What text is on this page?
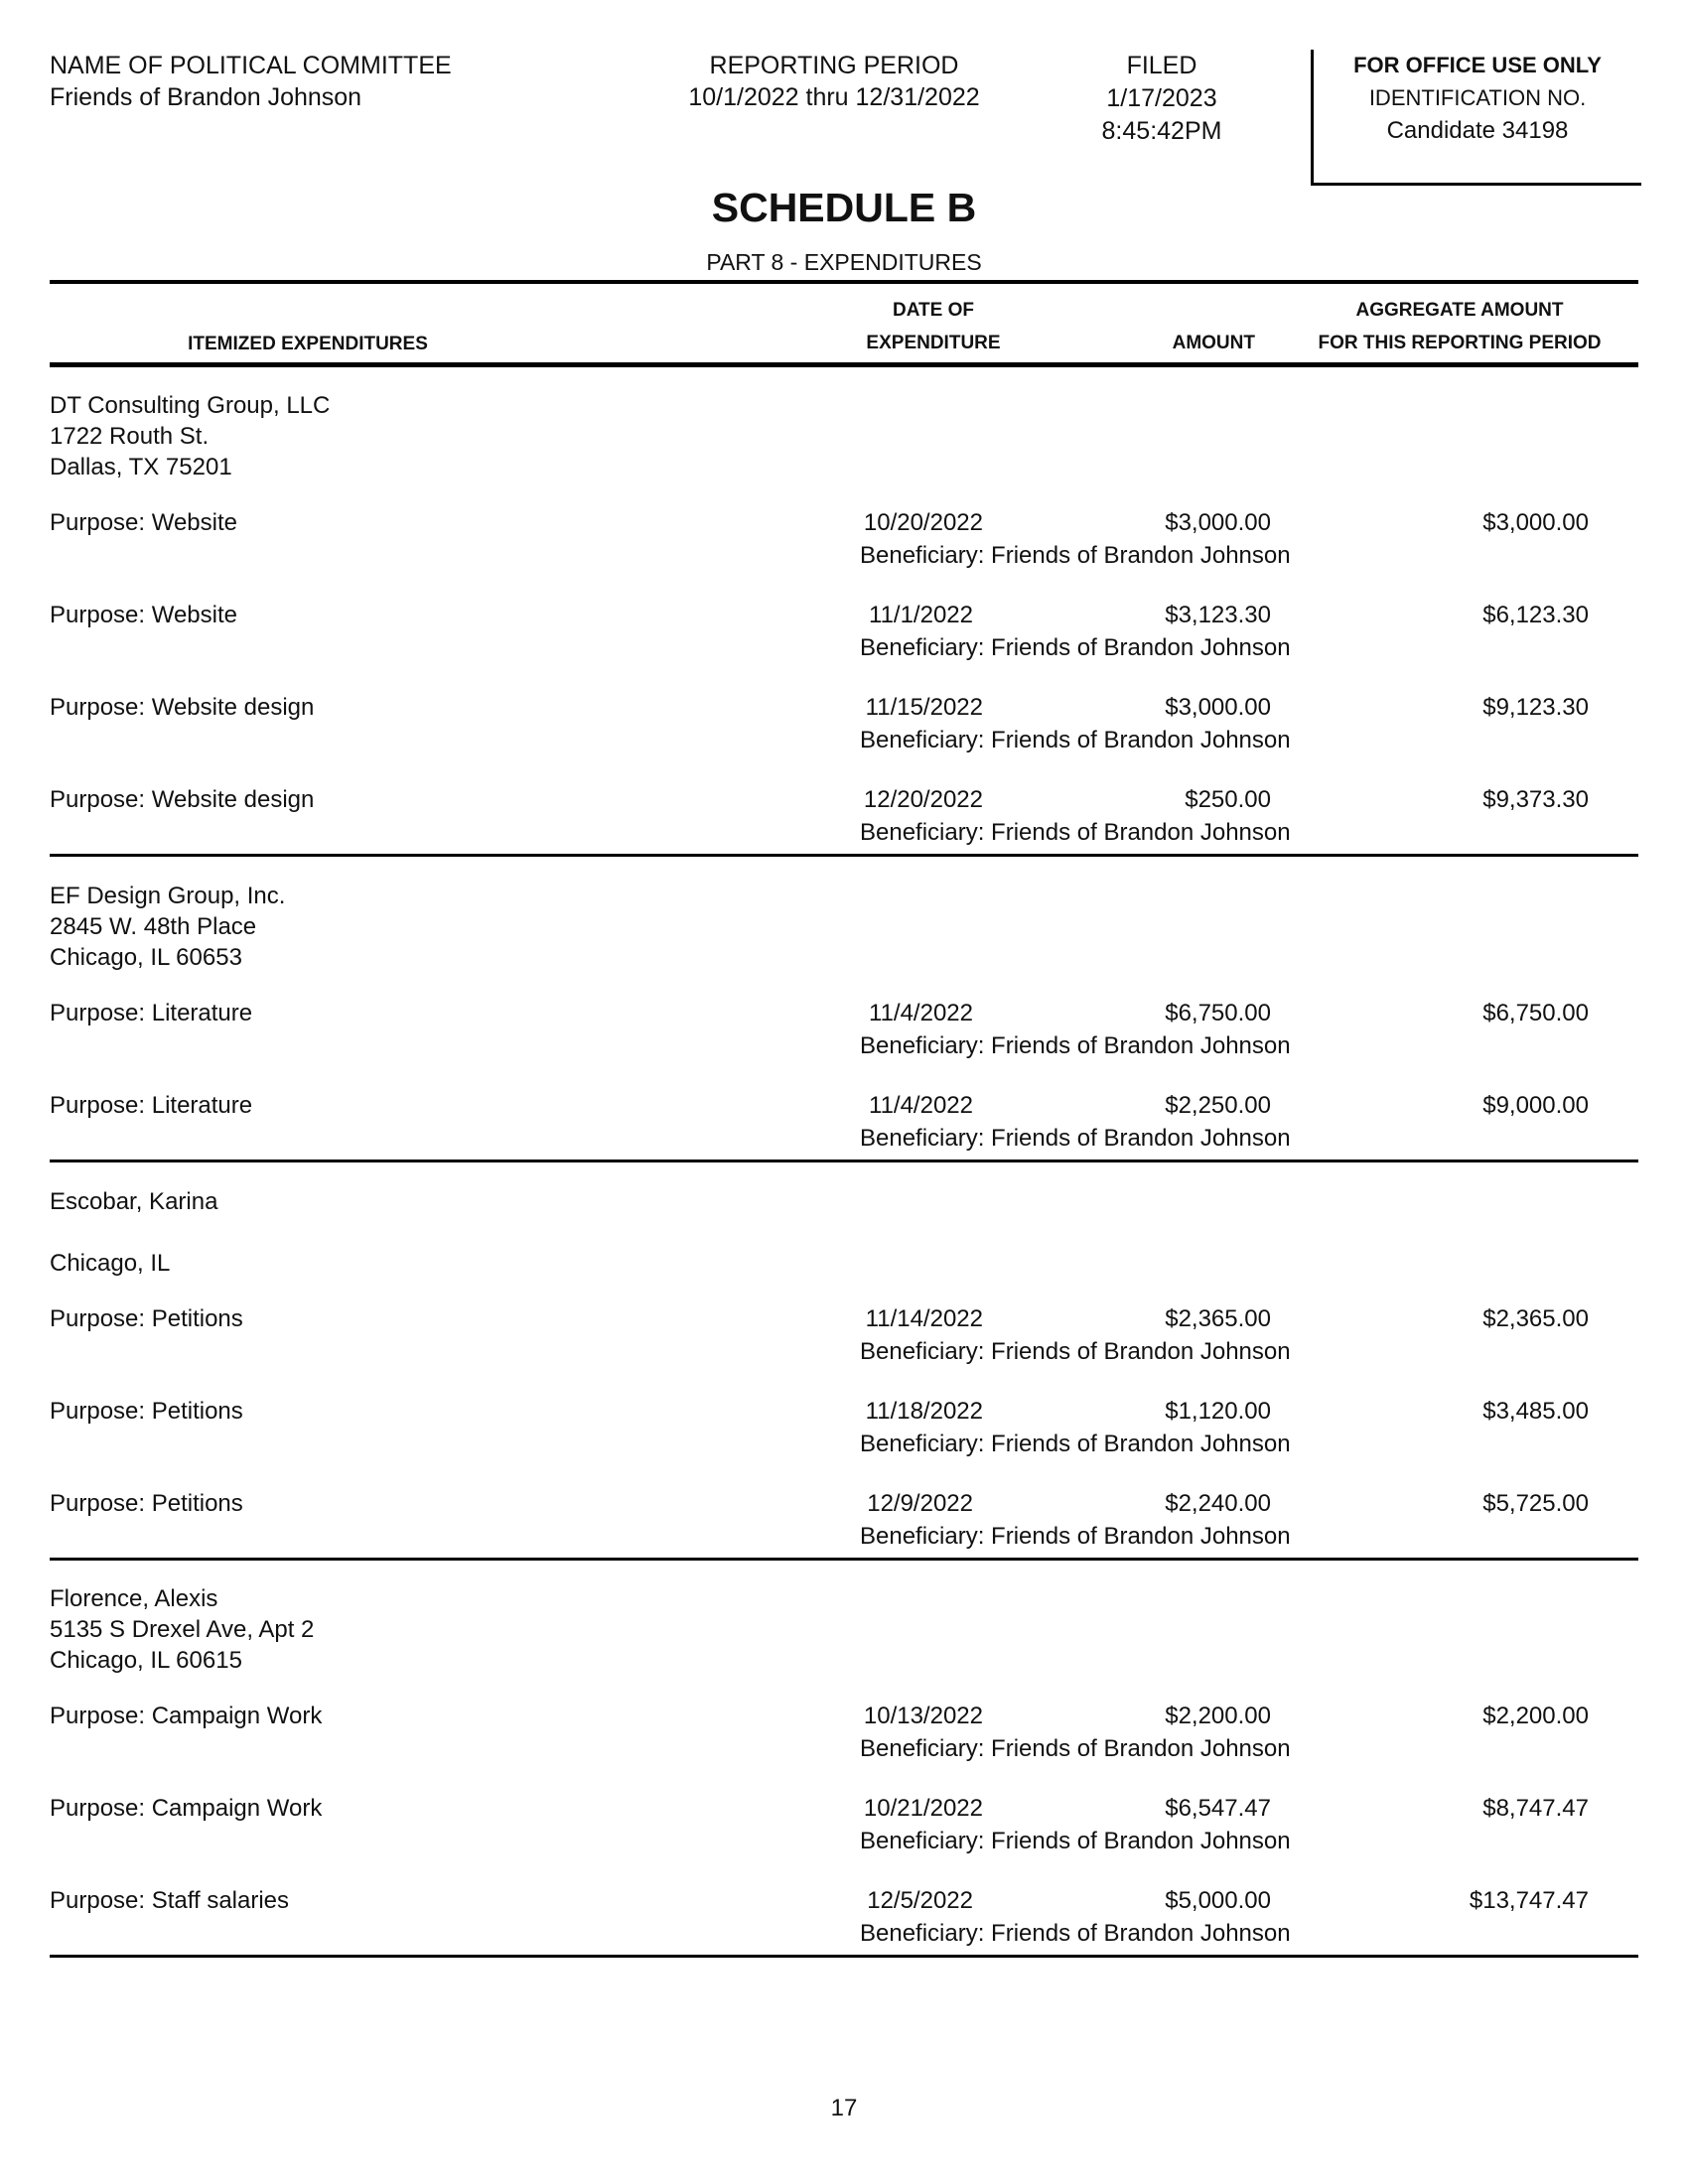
NAME OF POLITICAL COMMITTEE
Friends of Brandon Johnson
REPORTING PERIOD
10/1/2022 thru 12/31/2022
FILED
1/17/2023
8:45:42PM
FOR OFFICE USE ONLY
IDENTIFICATION NO.
Candidate 34198
SCHEDULE B
PART 8 - EXPENDITURES
ITEMIZED EXPENDITURES
DATE OF
EXPENDITURE	AMOUNT
AGGREGATE AMOUNT
FOR THIS REPORTING PERIOD
DT Consulting Group, LLC
1722 Routh St.
Dallas, TX 75201
Purpose: Website	10/20/2022	$3,000.00	$3,000.00
Beneficiary: Friends of Brandon Johnson
Purpose: Website	11/1/2022	$3,123.30	$6,123.30
Beneficiary: Friends of Brandon Johnson
Purpose: Website design	11/15/2022	$3,000.00	$9,123.30
Beneficiary: Friends of Brandon Johnson
Purpose: Website design	12/20/2022	$250.00	$9,373.30
Beneficiary: Friends of Brandon Johnson
EF Design Group, Inc.
2845 W. 48th Place
Chicago, IL 60653
Purpose: Literature	11/4/2022	$6,750.00	$6,750.00
Beneficiary: Friends of Brandon Johnson
Purpose: Literature	11/4/2022	$2,250.00	$9,000.00
Beneficiary: Friends of Brandon Johnson
Escobar, Karina
Chicago, IL
Purpose: Petitions	11/14/2022	$2,365.00	$2,365.00
Beneficiary: Friends of Brandon Johnson
Purpose: Petitions	11/18/2022	$1,120.00	$3,485.00
Beneficiary: Friends of Brandon Johnson
Purpose: Petitions	12/9/2022	$2,240.00	$5,725.00
Beneficiary: Friends of Brandon Johnson
Florence, Alexis
5135 S Drexel Ave, Apt 2
Chicago, IL 60615
Purpose: Campaign Work	10/13/2022	$2,200.00	$2,200.00
Beneficiary: Friends of Brandon Johnson
Purpose: Campaign Work	10/21/2022	$6,547.47	$8,747.47
Beneficiary: Friends of Brandon Johnson
Purpose: Staff salaries	12/5/2022	$5,000.00	$13,747.47
Beneficiary: Friends of Brandon Johnson
17
